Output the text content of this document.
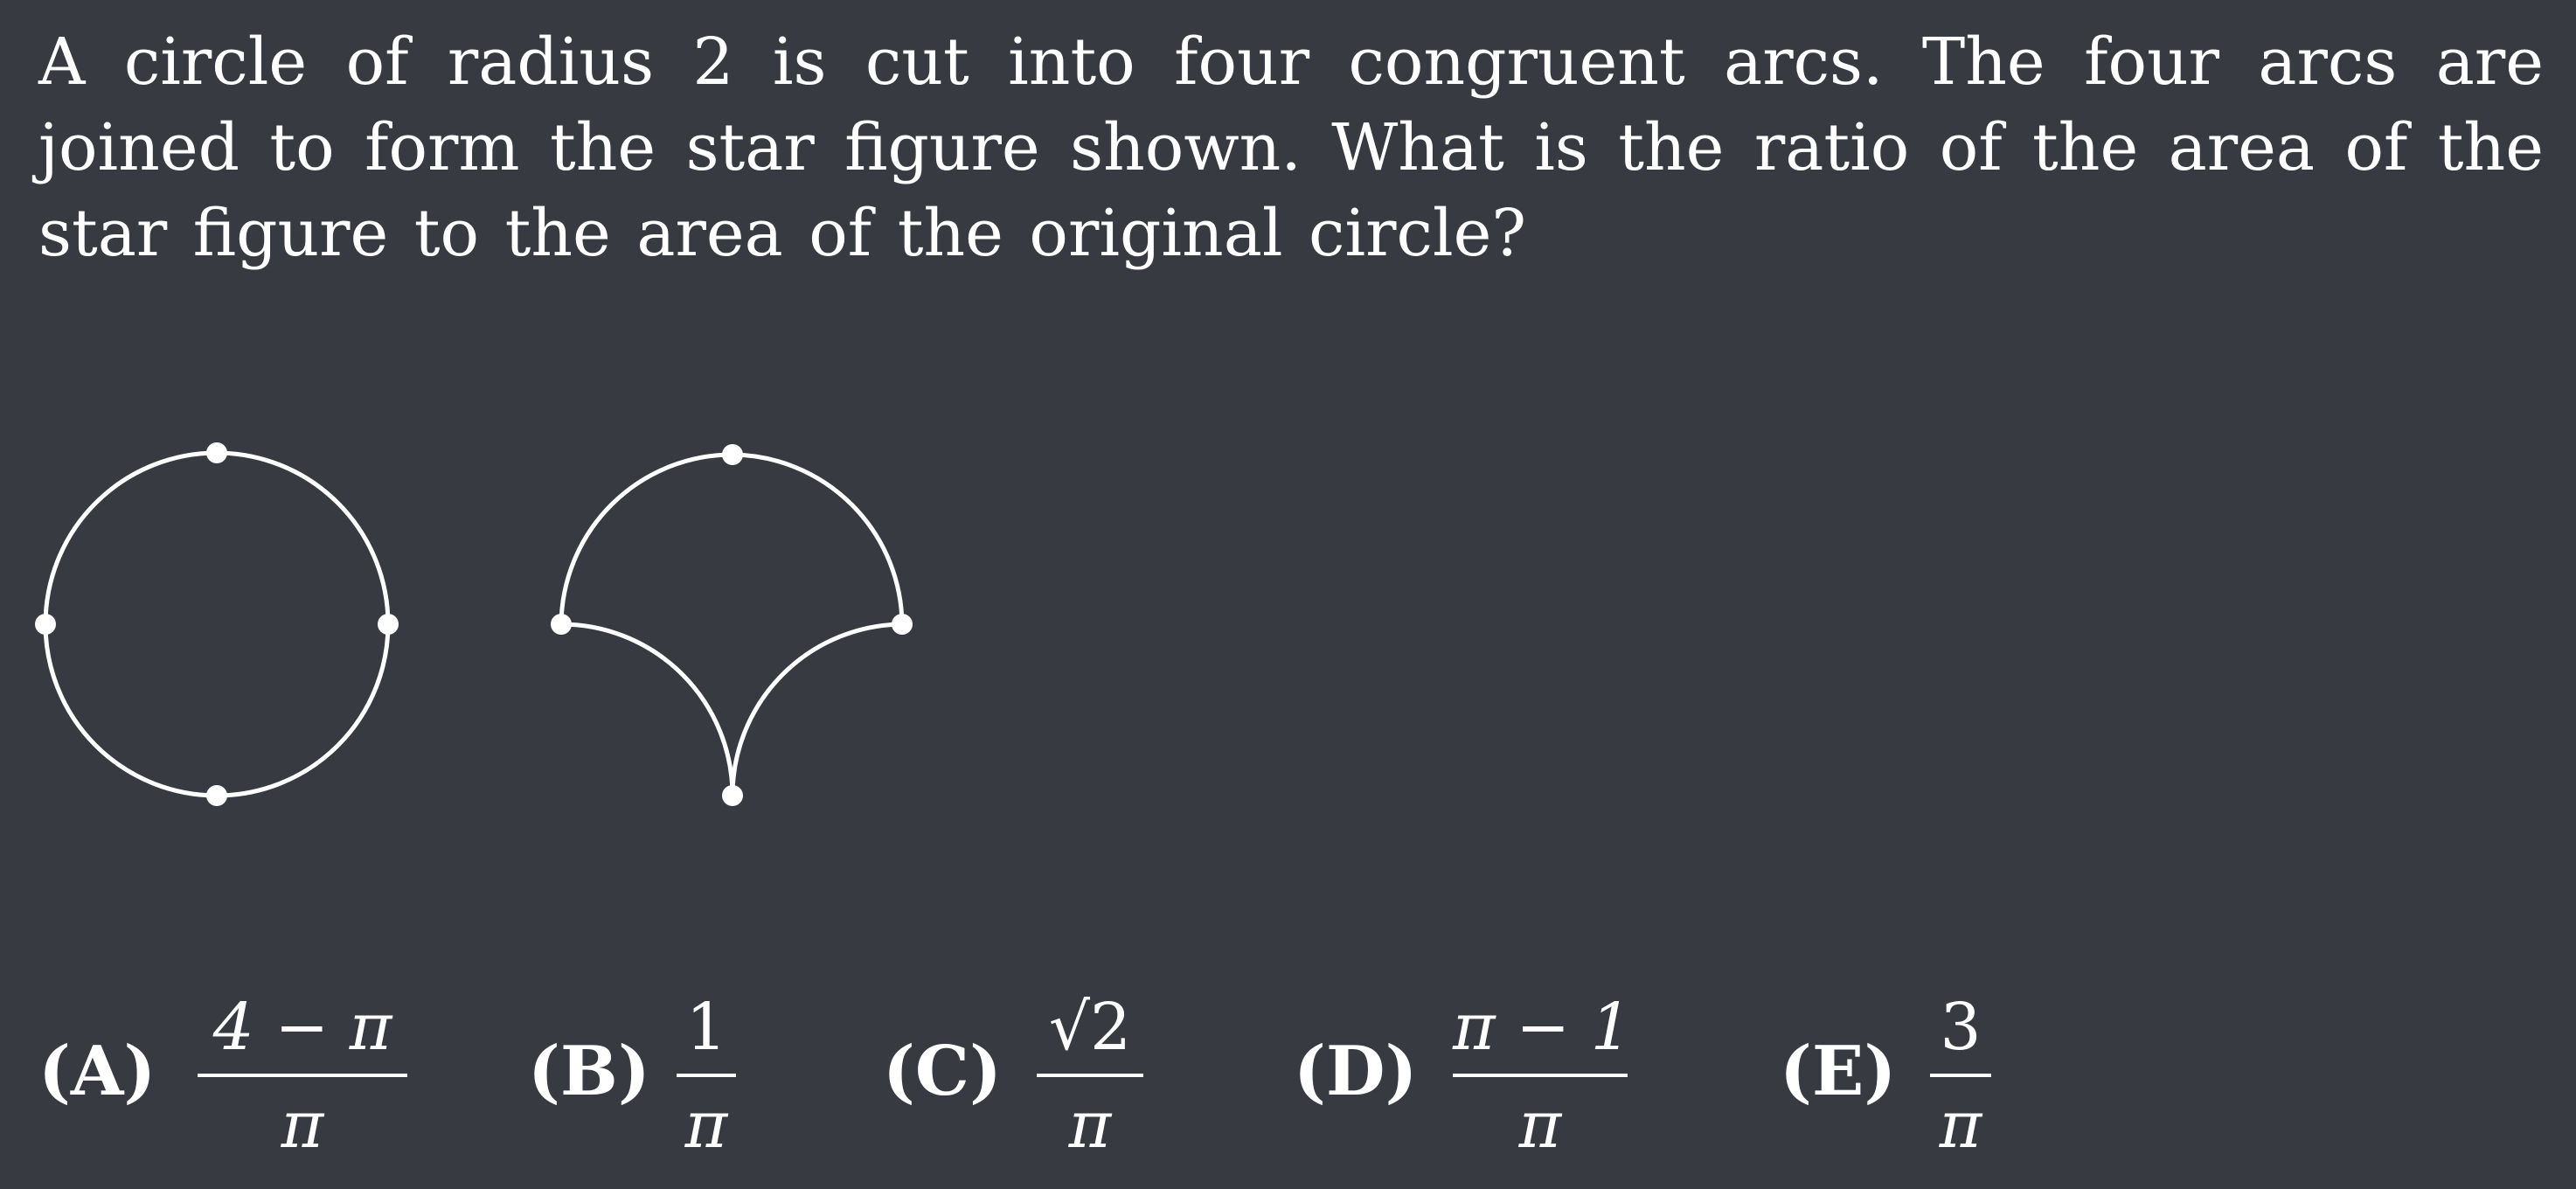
A circle of radius 2 is cut into four congruent arcs. The four arcs are joined to form the star figure shown. What is the ratio of the area of the star figure to the area of the original circle?
(A)
4 − π
π
(B)
1
π
(C)
√2
π
(D)
π − 1
π
(E)
3
π
